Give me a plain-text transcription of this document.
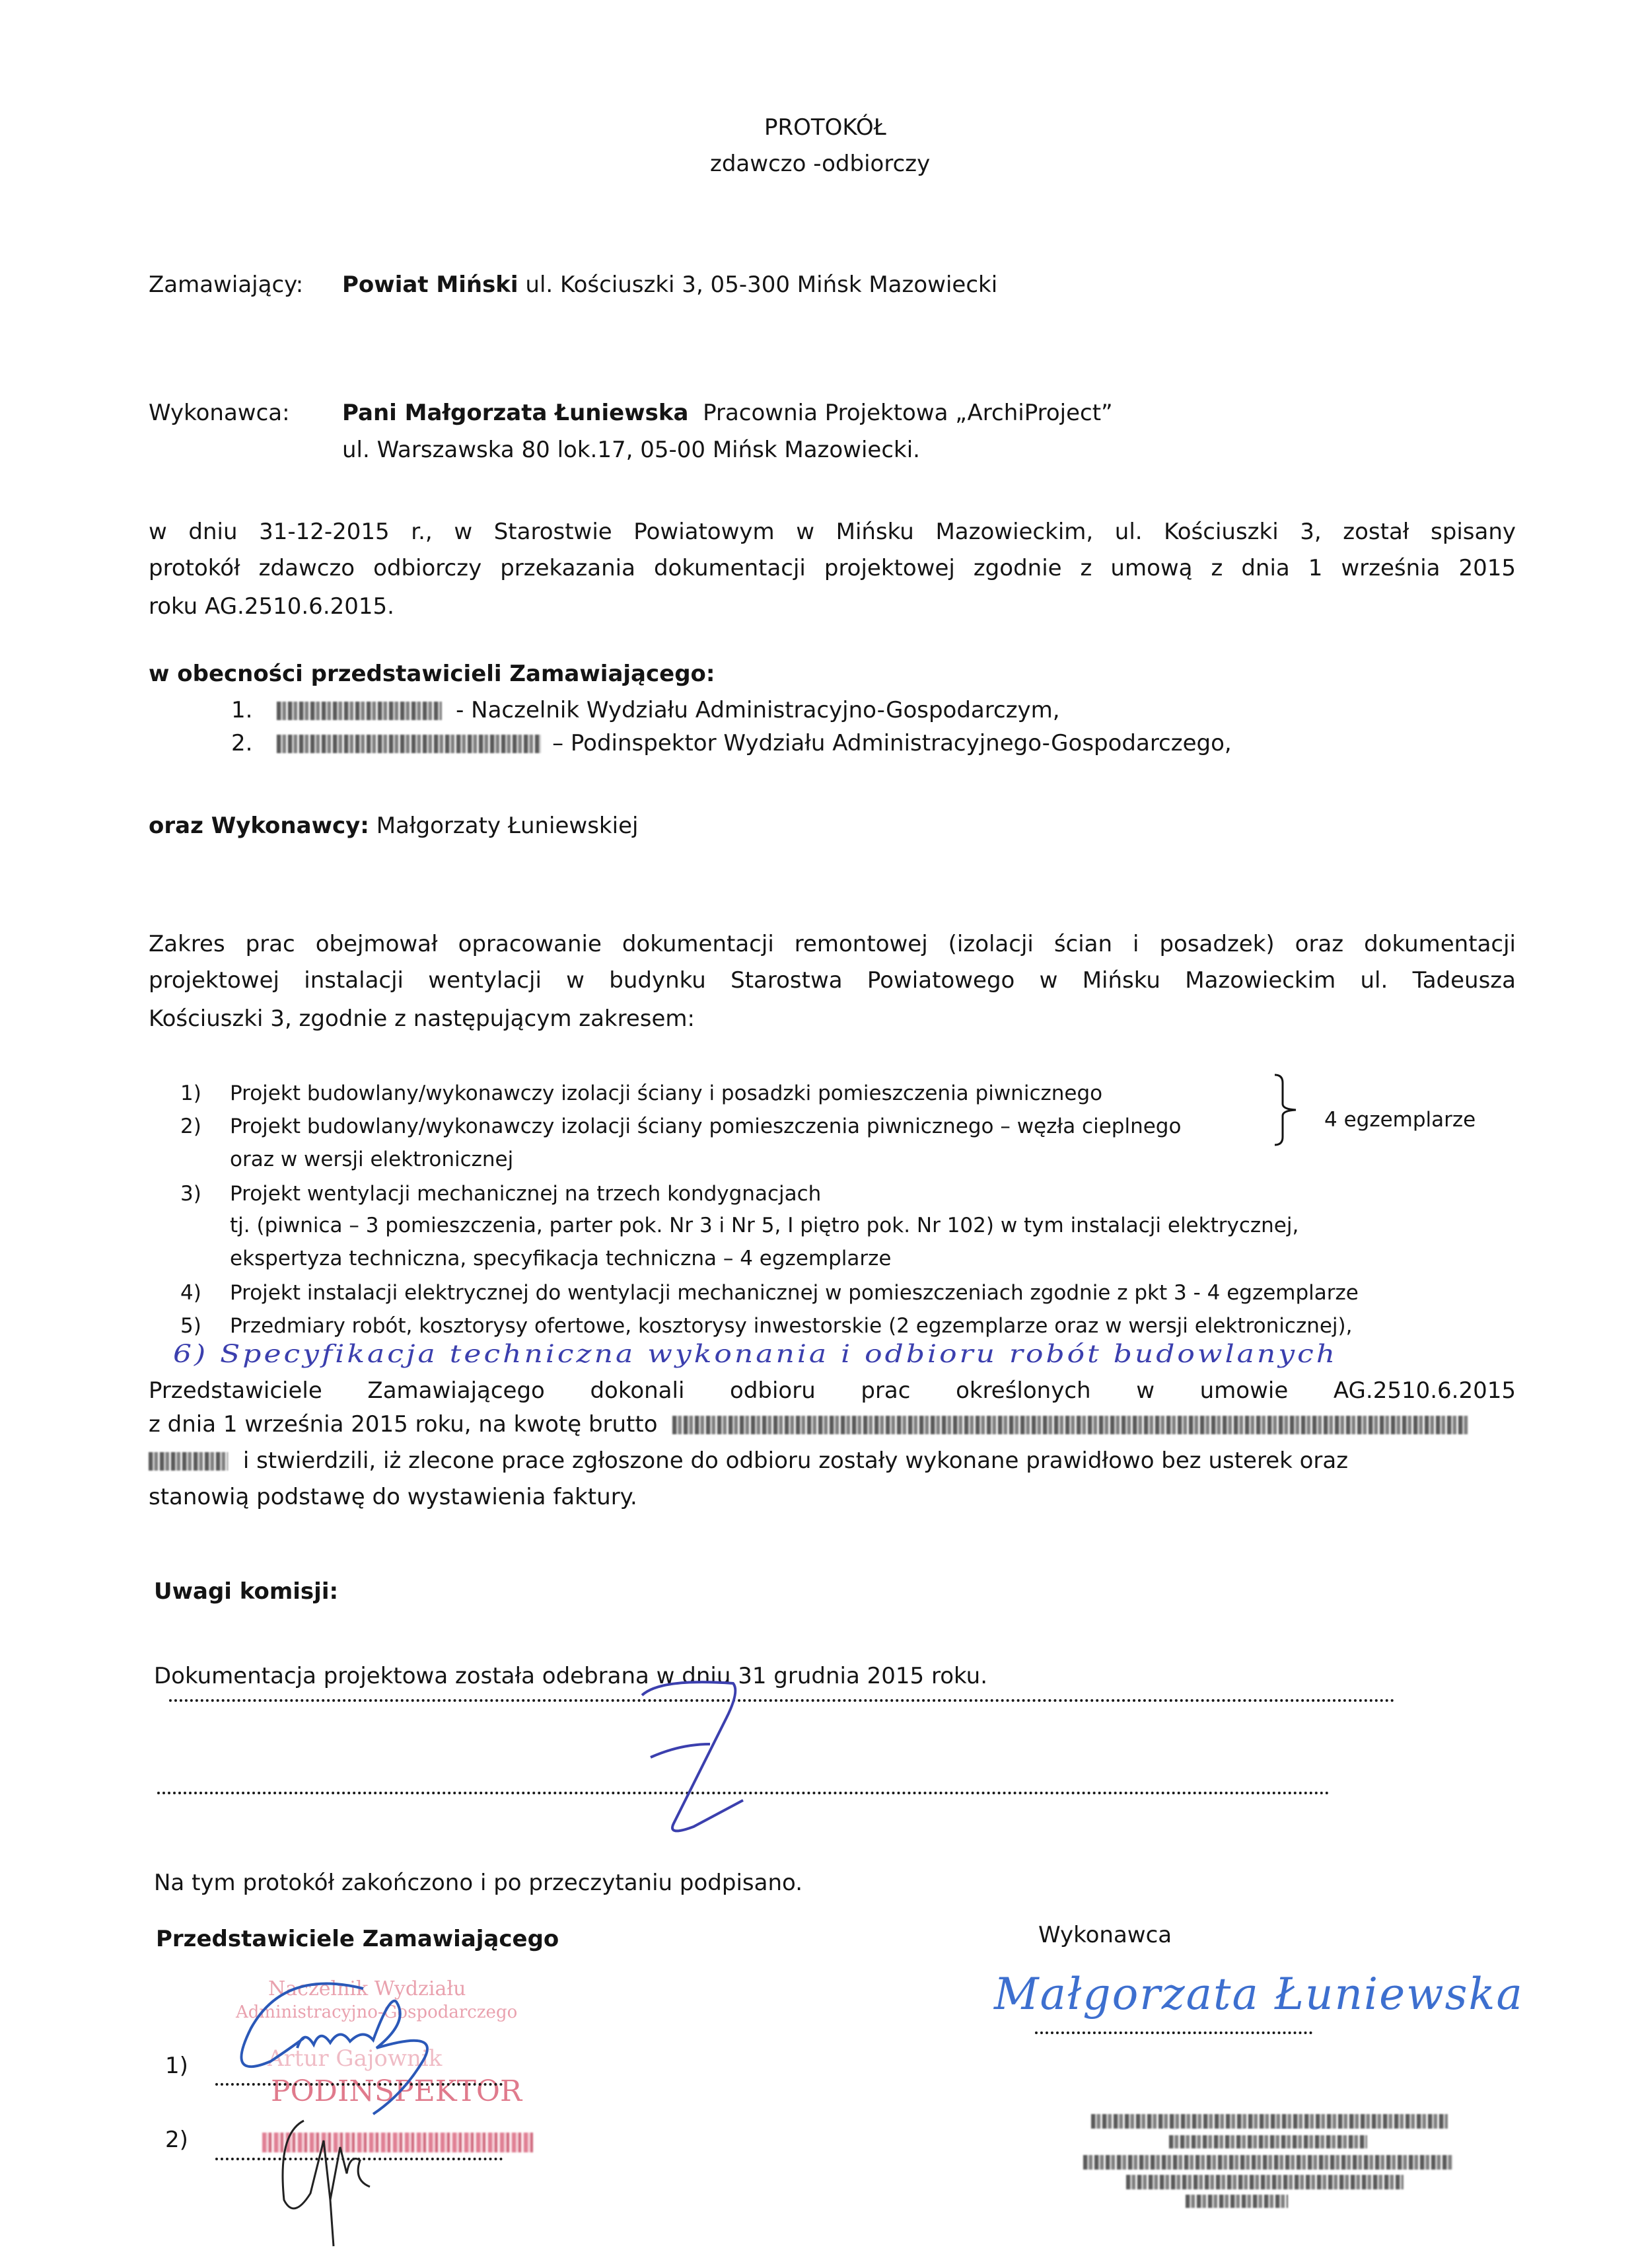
PROTOKÓŁ
zdawczo -odbiorczy
Zamawiający: Powiat Miński ul. Kościuszki 3, 05-300 Mińsk Mazowiecki
Wykonawca: Pani Małgorzata Łuniewska Pracownia Projektowa „ArchiProject”
ul. Warszawska 80 lok.17, 05-00 Mińsk Mazowiecki.
w dniu 31-12-2015 r., w Starostwie Powiatowym w Mińsku Mazowieckim, ul. Kościuszki 3, został spisany
protokół zdawczo odbiorczy przekazania dokumentacji projektowej zgodnie z umową z dnia 1 września 2015
roku AG.2510.6.2015.
w obecności przedstawicieli Zamawiającego:
1.	- Naczelnik Wydziału Administracyjno-Gospodarczym,
2.	– Podinspektor Wydziału Administracyjnego-Gospodarczego,
oraz Wykonawcy: Małgorzaty Łuniewskiej
Zakres prac obejmował opracowanie dokumentacji remontowej (izolacji ścian i posadzek) oraz dokumentacji
projektowej instalacji wentylacji w budynku Starostwa Powiatowego w Mińsku Mazowieckim ul. Tadeusza
Kościuszki 3, zgodnie z następującym zakresem:
1) Projekt budowlany/wykonawczy izolacji ściany i posadzki pomieszczenia piwnicznego
2) Projekt budowlany/wykonawczy izolacji ściany pomieszczenia piwnicznego – węzła cieplnego
oraz w wersji elektronicznej
3) Projekt wentylacji mechanicznej na trzech kondygnacjach
tj. (piwnica – 3 pomieszczenia, parter pok. Nr 3 i Nr 5, I piętro pok. Nr 102) w tym instalacji elektrycznej,
ekspertyza techniczna, specyfikacja techniczna – 4 egzemplarze
4) Projekt instalacji elektrycznej do wentylacji mechanicznej w pomieszczeniach zgodnie z pkt 3 - 4 egzemplarze
5) Przedmiary robót, kosztorysy ofertowe, kosztorysy inwestorskie (2 egzemplarze oraz w wersji elektronicznej),
4 egzemplarze
6) Specyfikacja techniczna wykonania i odbioru robót budowlanych
Przedstawiciele Zamawiającego dokonali odbioru prac określonych w umowie AG.2510.6.2015
z dnia 1 września 2015 roku, na kwotę brutto
i stwierdzili, iż zlecone prace zgłoszone do odbioru zostały wykonane prawidłowo bez usterek oraz
stanowią podstawę do wystawienia faktury.
Uwagi komisji:
Dokumentacja projektowa została odebrana w dniu 31 grudnia 2015 roku.
Na tym protokół zakończono i po przeczytaniu podpisano.
Przedstawiciele Zamawiającego	Wykonawca
Naczelnik Wydziału
Administracyjno-Gospodarczego
Artur Gajownik
PODINSPEKTOR
1)
2)
Małgorzata Łuniewska
